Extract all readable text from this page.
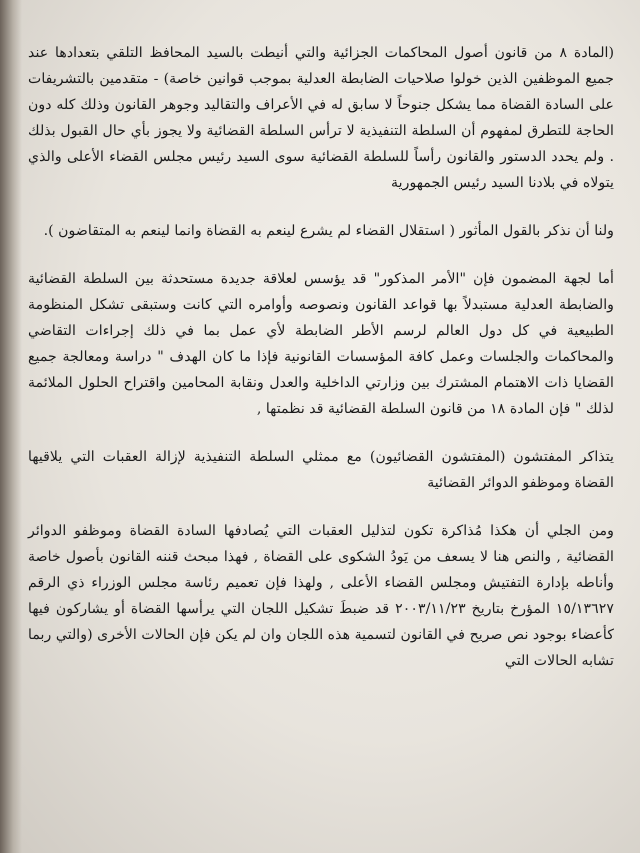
(المادة ٨ من قانون أصول المحاكمات الجزائية والتي أنيطت بالسيد المحافظ التلقي بتعدادها عند جميع الموظفين الذين خولوا صلاحيات الضابطة العدلية بموجب قوانين خاصة) - متقدمين بالتشريفات على السادة القضاة مما يشكل جنوحاً لا سابق له في الأعراف والتقاليد وجوهر القانون وذلك كله دون الحاجة للتطرق لمفهوم أن السلطة التنفيذية لا ترأس السلطة القضائية ولا يجوز بأي حال القبول بذلك . ولم يحدد الدستور والقانون رأساً للسلطة القضائية سوى السيد رئيس مجلس القضاء الأعلى والذي يتولاه في بلادنا السيد رئيس الجمهورية

ولنا أن نذكر بالقول المأثور ( استقلال القضاء لم يشرع لينعم به القضاة وانما لينعم به المتقاضون ).

أما لجهة المضمون فإن "الأمر المذكور" قد يؤسس لعلاقة جديدة مستحدثة بين السلطة القضائية والضابطة العدلية مستبدلاً بها قواعد القانون ونصوصه وأوامره التي كانت وستبقى تشكل المنظومة الطبيعية في كل دول العالم لرسم الأطر الضابطة لأي عمل بما في ذلك إجراءات التقاضي والمحاكمات والجلسات وعمل كافة المؤسسات القانونية فإذا ما كان الهدف " دراسة ومعالجة جميع القضايا ذات الاهتمام المشترك بين وزارتي الداخلية والعدل ونقابة المحامين واقتراح الحلول الملائمة لذلك " فإن المادة ١٨ من قانون السلطة القضائية قد نظمتها ,

يتذاكر المفتشون (المفتشون القضائيون) مع ممثلي السلطة التنفيذية لإزالة العقبات التي يلاقيها القضاة وموظفو الدوائر القضائية

ومن الجلي أن هكذا مُذاكرة تكون لتذليل العقبات التي يُصادفها السادة القضاة وموظفو الدوائر القضائية , والنص هنا لا يسعف من يَودُ الشكوى على القضاة , فهذا مبحث قننه القانون بأصول خاصة وأناطه بإدارة التفتيش ومجلس القضاء الأعلى , ولهذا فإن تعميم رئاسة مجلس الوزراء ذي الرقم ١٥/١٣٦٢٧ المؤرخ بتاريخ ٢٠٠٣/١١/٢٣ قد ضبطَ تشكيل اللجان التي يرأسها القضاة أو يشاركون فيها كأعضاء بوجود نص صريح في القانون لتسمية هذه اللجان وان لم يكن فإن الحالات الأخرى (والتي ربما تشابه الحالات التي
